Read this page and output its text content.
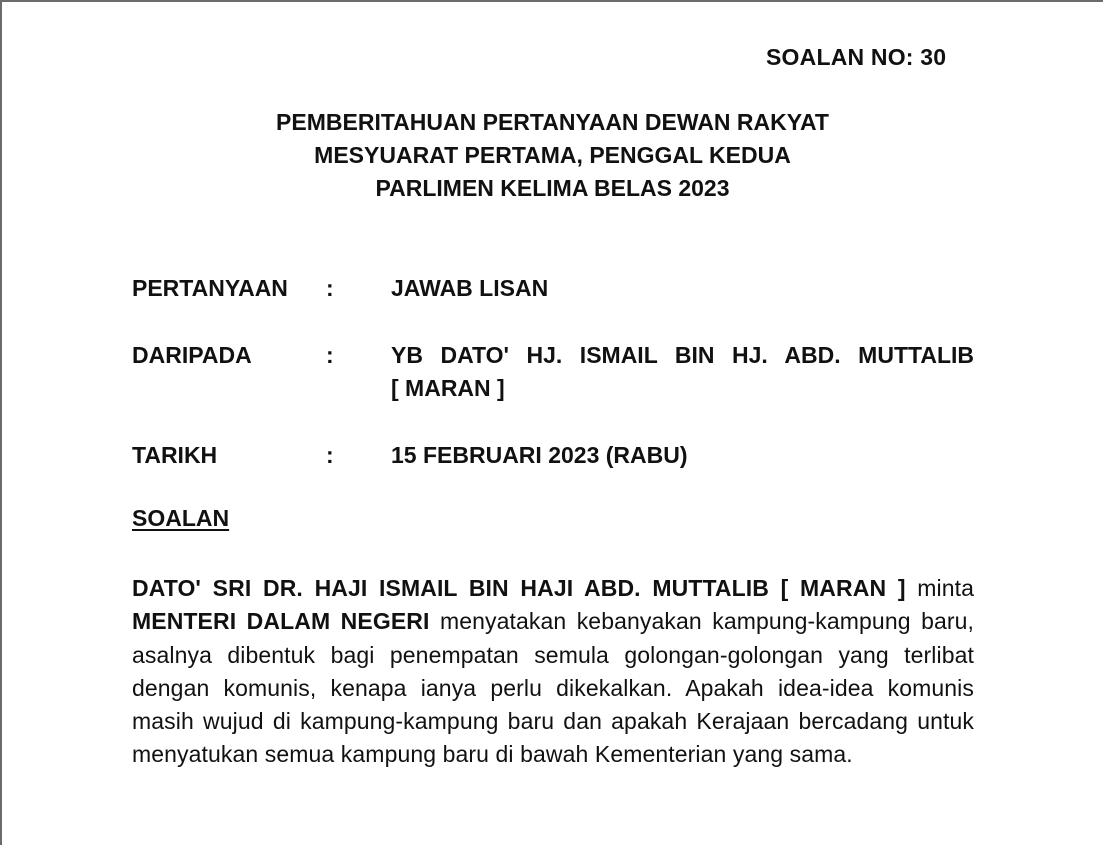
SOALAN NO: 30
PEMBERITAHUAN PERTANYAAN DEWAN RAKYAT
MESYUARAT PERTAMA, PENGGAL KEDUA
PARLIMEN KELIMA BELAS 2023
PERTANYAAN : JAWAB LISAN
DARIPADA	: YB DATO' HJ. ISMAIL BIN HJ. ABD. MUTTALIB
[ MARAN ]
TARIKH	: 15 FEBRUARI 2023 (RABU)
SOALAN
DATO' SRI DR. HAJI ISMAIL BIN HAJI ABD. MUTTALIB [ MARAN ] minta MENTERI DALAM NEGERI menyatakan kebanyakan kampung-kampung baru, asalnya dibentuk bagi penempatan semula golongan-golongan yang terlibat dengan komunis, kenapa ianya perlu dikekalkan. Apakah idea-idea komunis masih wujud di kampung-kampung baru dan apakah Kerajaan bercadang untuk menyatukan semua kampung baru di bawah Kementerian yang sama.
